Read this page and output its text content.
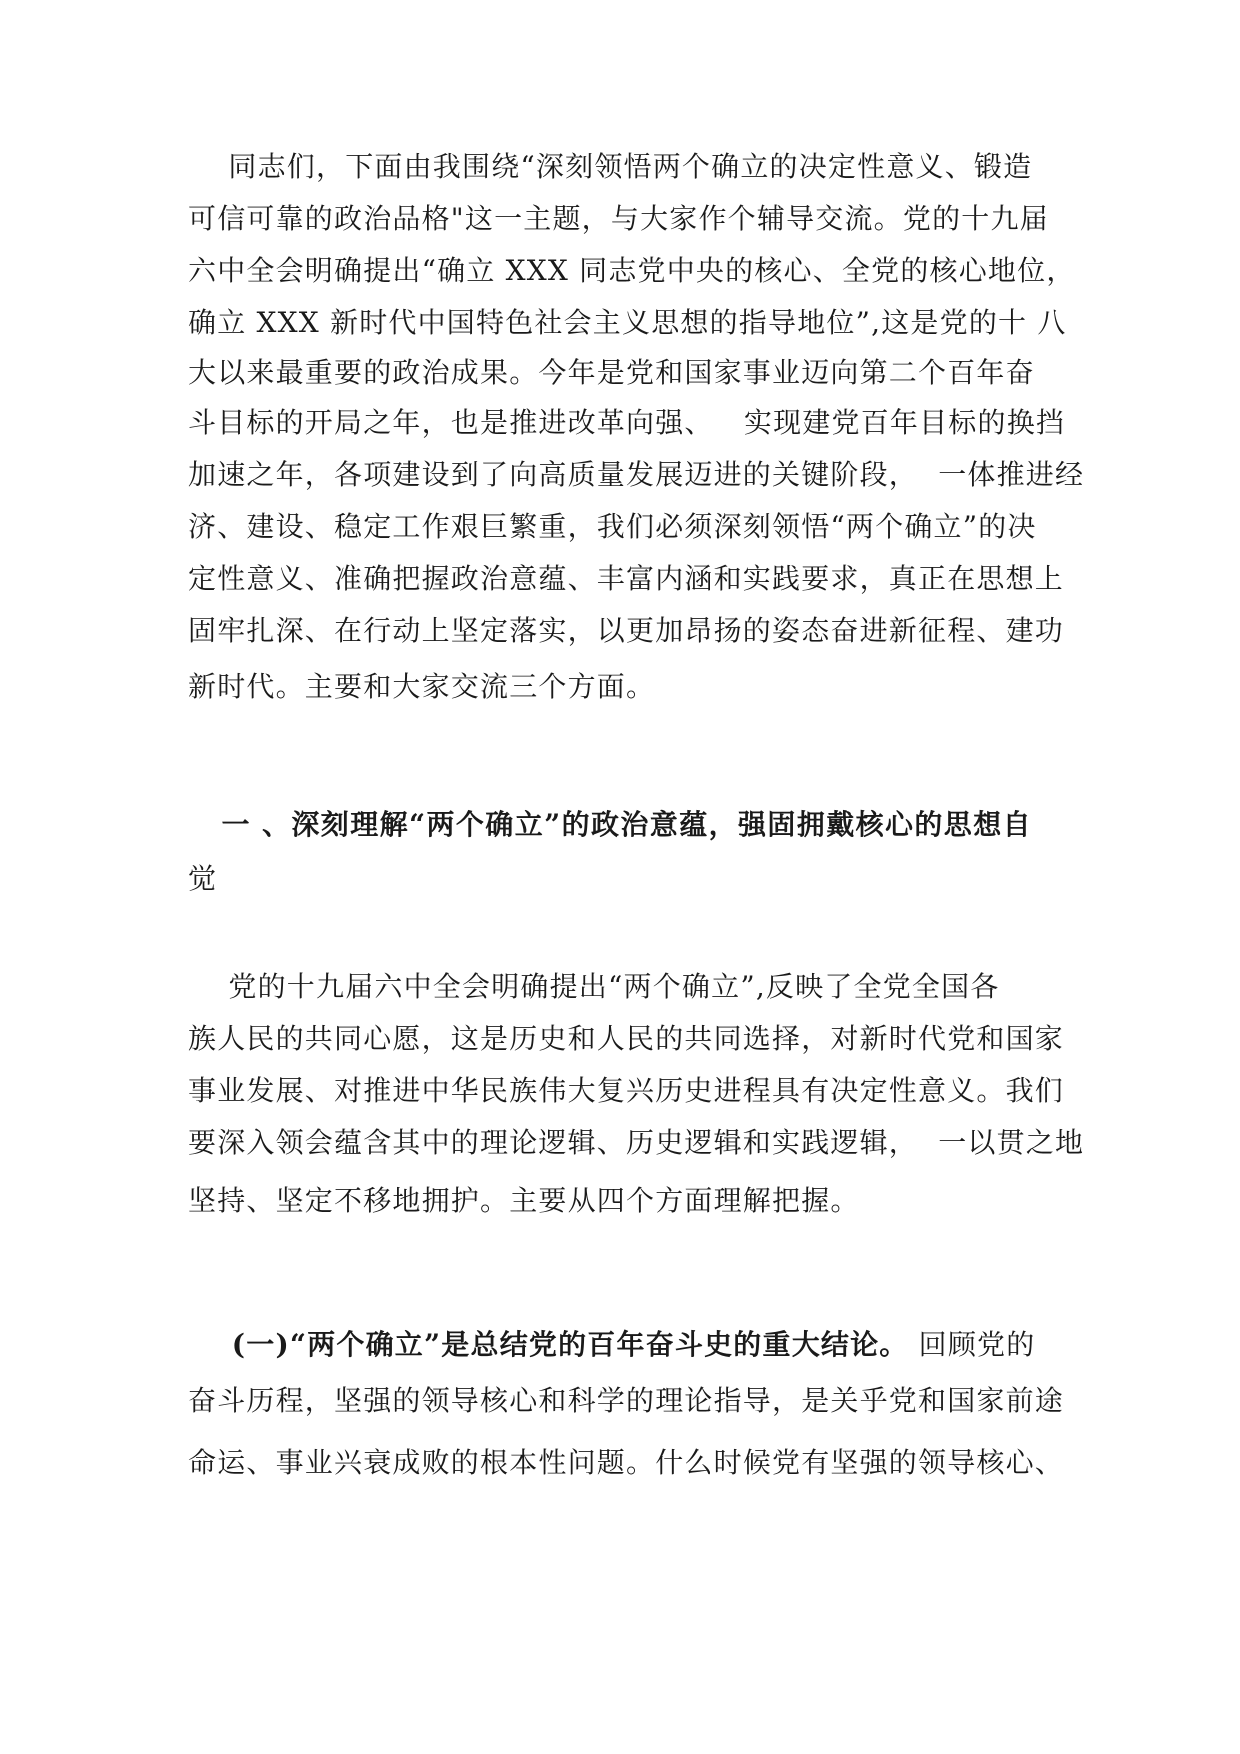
同志们，下面由我围绕“深刻领悟两个确立的决定性意义、锻造
可信可靠的政治品格"这一主题，与大家作个辅导交流。党的十九届
六中全会明确提出“确立 XXX 同志党中央的核心、全党的核心地位，
确立 XXX 新时代中国特色社会主义思想的指导地位”,这是党的十 八
大以来最重要的政治成果。今年是党和国家事业迈向第二个百年奋
斗目标的开局之年，也是推进改革向强、   实现建党百年目标的换挡
加速之年，各项建设到了向高质量发展迈进的关键阶段，  一体推进经
济、建设、稳定工作艰巨繁重，我们必须深刻领悟“两个确立”的决
定性意义、准确把握政治意蕴、丰富内涵和实践要求，真正在思想上
固牢扎深、在行动上坚定落实，以更加昂扬的姿态奋进新征程、建功
新时代。主要和大家交流三个方面。
一 、深刻理解“两个确立”的政治意蕴，强固拥戴核心的思想自
觉
党的十九届六中全会明确提出“两个确立”,反映了全党全国各
族人民的共同心愿，这是历史和人民的共同选择，对新时代党和国家
事业发展、对推进中华民族伟大复兴历史进程具有决定性意义。我们
要深入领会蕴含其中的理论逻辑、历史逻辑和实践逻辑，  一以贯之地
坚持、坚定不移地拥护。主要从四个方面理解把握。
(一)“两个确立”是总结党的百年奋斗史的重大结论。 回顾党的
奋斗历程，坚强的领导核心和科学的理论指导，是关乎党和国家前途
命运、事业兴衰成败的根本性问题。什么时候党有坚强的领导核心、
